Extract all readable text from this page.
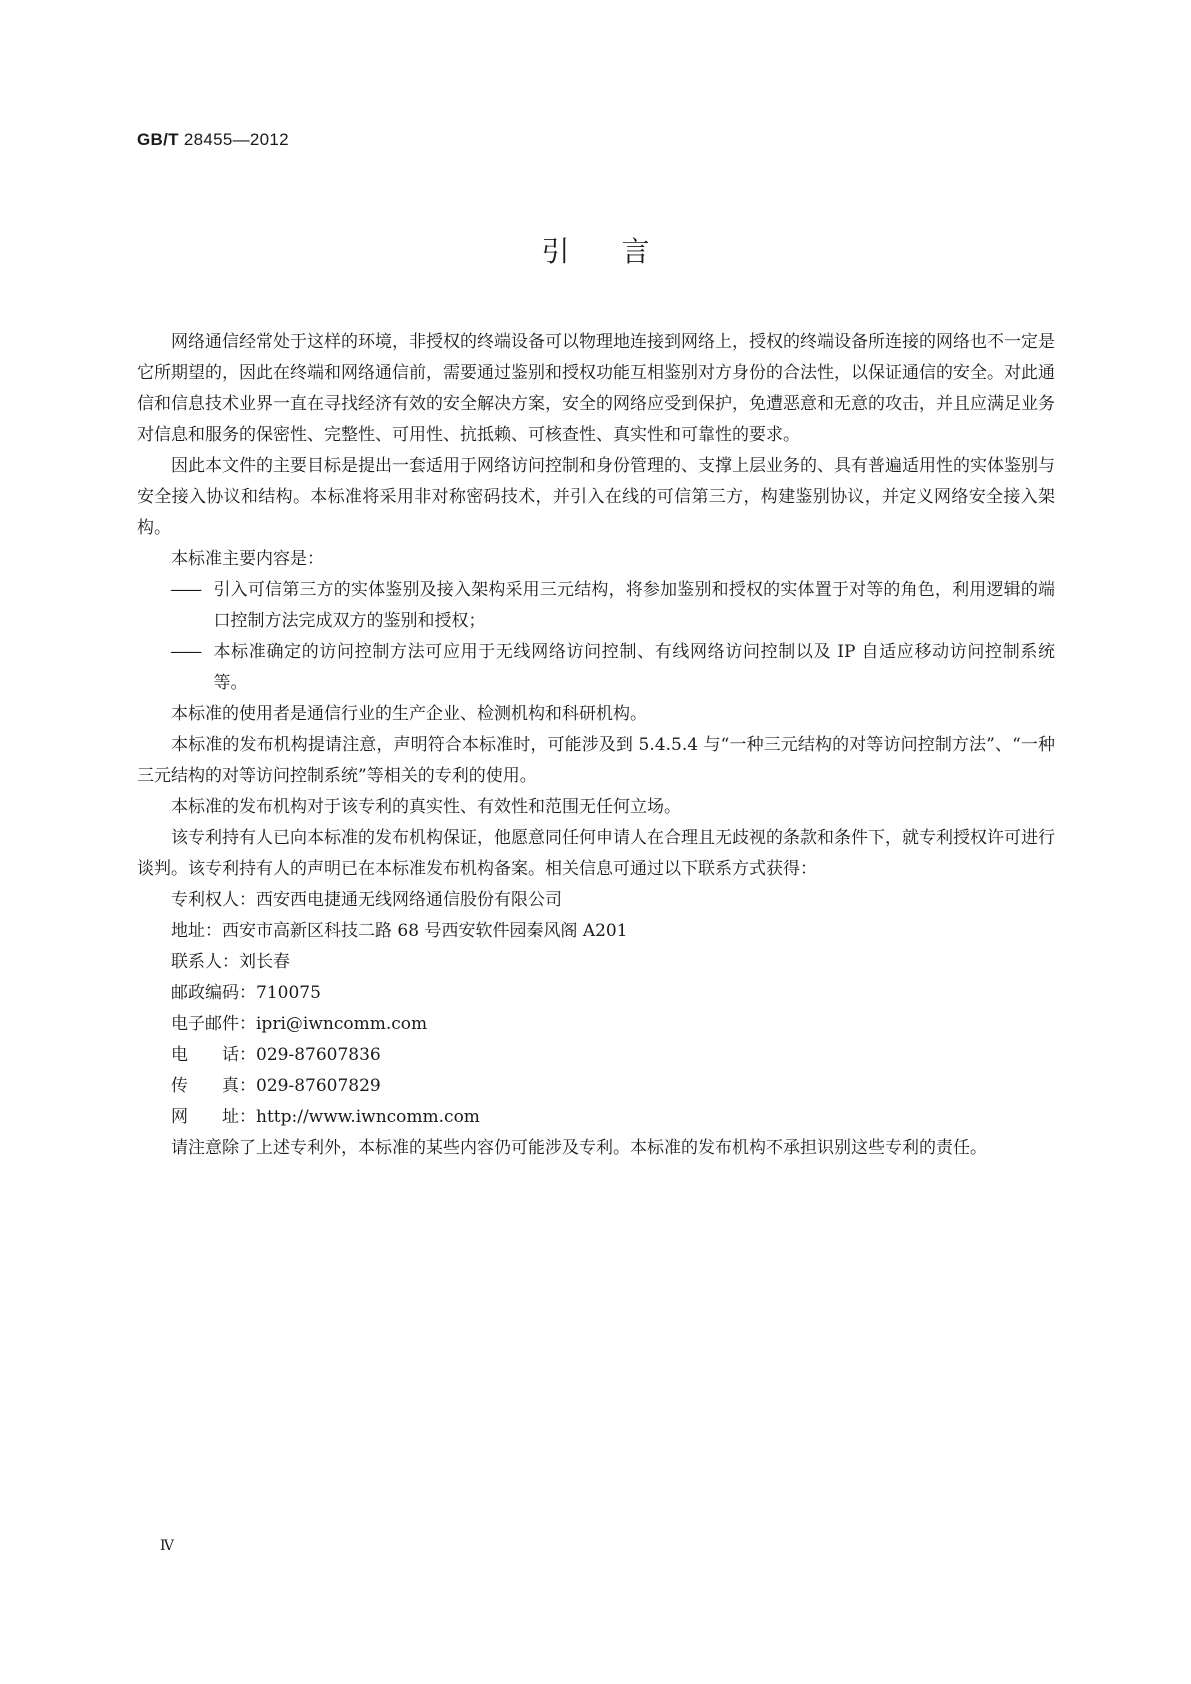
GB/T 28455—2012
引言

网络通信经常处于这样的环境，非授权的终端设备可以物理地连接到网络上，授权的终端设备所连接的网络也不一定是它所期望的，因此在终端和网络通信前，需要通过鉴别和授权功能互相鉴别对方身份的合法性，以保证通信的安全。对此通信和信息技术业界一直在寻找经济有效的安全解决方案，安全的网络应受到保护，免遭恶意和无意的攻击，并且应满足业务对信息和服务的保密性、完整性、可用性、抗抵赖、可核查性、真实性和可靠性的要求。

因此本文件的主要目标是提出一套适用于网络访问控制和身份管理的、支撑上层业务的、具有普遍适用性的实体鉴别与安全接入协议和结构。本标准将采用非对称密码技术，并引入在线的可信第三方，构建鉴别协议，并定义网络安全接入架构。

本标准主要内容是：

—— 引入可信第三方的实体鉴别及接入架构采用三元结构，将参加鉴别和授权的实体置于对等的角色，利用逻辑的端口控制方法完成双方的鉴别和授权；

—— 本标准确定的访问控制方法可应用于无线网络访问控制、有线网络访问控制以及 IP 自适应移动访问控制系统等。

本标准的使用者是通信行业的生产企业、检测机构和科研机构。

本标准的发布机构提请注意，声明符合本标准时，可能涉及到 5.4.5.4 与“一种三元结构的对等访问控制方法”、“一种三元结构的对等访问控制系统”等相关的专利的使用。

本标准的发布机构对于该专利的真实性、有效性和范围无任何立场。

该专利持有人已向本标准的发布机构保证，他愿意同任何申请人在合理且无歧视的条款和条件下，就专利授权许可进行谈判。该专利持有人的声明已在本标准发布机构备案。相关信息可通过以下联系方式获得：

专利权人： 西安西电捷通无线网络通信股份有限公司
地址： 西安市高新区科技二路 68 号西安软件园秦风阁 A201
联系人： 刘长春
邮政编码： 710075
电子邮件： ipri@iwncomm.com
电　　话： 029-87607836
传　　真： 029-87607829
网　　址： http://www.iwncomm.com

请注意除了上述专利外，本标准的某些内容仍可能涉及专利。本标准的发布机构不承担识别这些专利的责任。

Ⅳ
